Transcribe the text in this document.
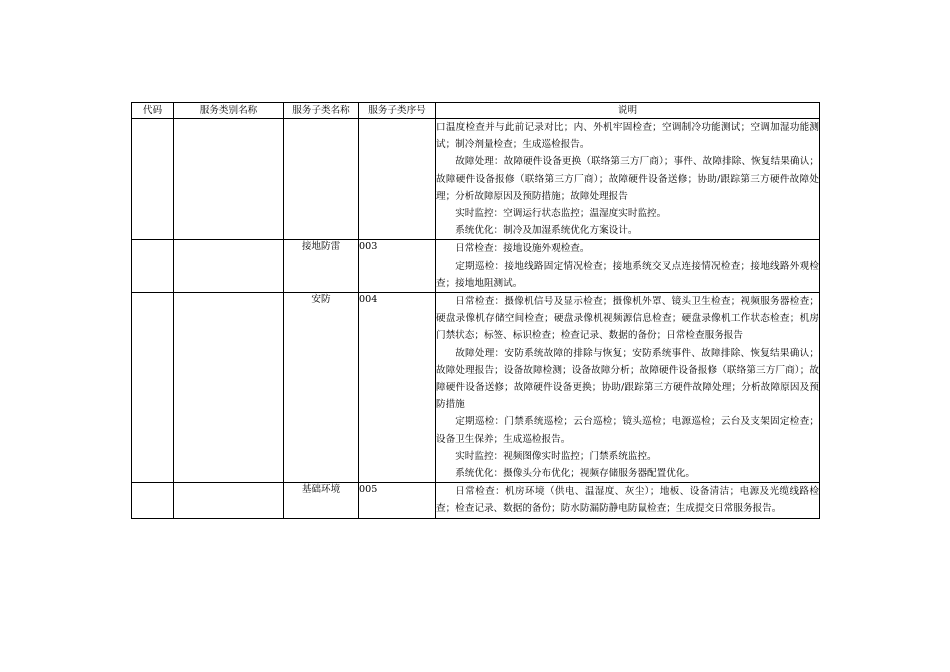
代码	服务类别名称	服务子类名称	服务子类序号	说明

				口温度检查并与此前记录对比；内、外机牢固检查；空调制冷功能测试；空调加湿功能测试；制冷剂量检查；生成巡检报告。

故障处理：故障硬件设备更换（联络第三方厂商）；事件、故障排除、恢复结果确认；故障硬件设备报修（联络第三方厂商）；故障硬件设备送修；协助/跟踪第三方硬件故障处理；分析故障原因及预防措施；故障处理报告

实时监控：空调运行状态监控；温湿度实时监控。

系统优化：制冷及加湿系统优化方案设计。

		接地防雷	003	日常检查：接地设施外观检查。

定期巡检：接地线路固定情况检查；接地系统交叉点连接情况检查；接地线路外观检查；接地地阻测试。

		安防	004	日常检查：摄像机信号及显示检查；摄像机外罩、镜头卫生检查；视频服务器检查；硬盘录像机存储空间检查；硬盘录像机视频源信息检查；硬盘录像机工作状态检查；机房门禁状态；标签、标识检查；检查记录、数据的备份；日常检查服务报告

故障处理：安防系统故障的排除与恢复；安防系统事件、故障排除、恢复结果确认；故障处理报告；设备故障检测；设备故障分析；故障硬件设备报修（联络第三方厂商）；故障硬件设备送修；故障硬件设备更换；协助/跟踪第三方硬件故障处理；分析故障原因及预防措施

定期巡检：门禁系统巡检；云台巡检；镜头巡检；电源巡检；云台及支架固定检查；设备卫生保养；生成巡检报告。

实时监控：视频图像实时监控；门禁系统监控。

系统优化：摄像头分布优化；视频存储服务器配置优化。

		基础环境	005	日常检查：机房环境（供电、温湿度、灰尘）；地板、设备清洁；电源及光缆线路检查；检查记录、数据的备份；防水防漏防静电防鼠检查；生成提交日常服务报告。
